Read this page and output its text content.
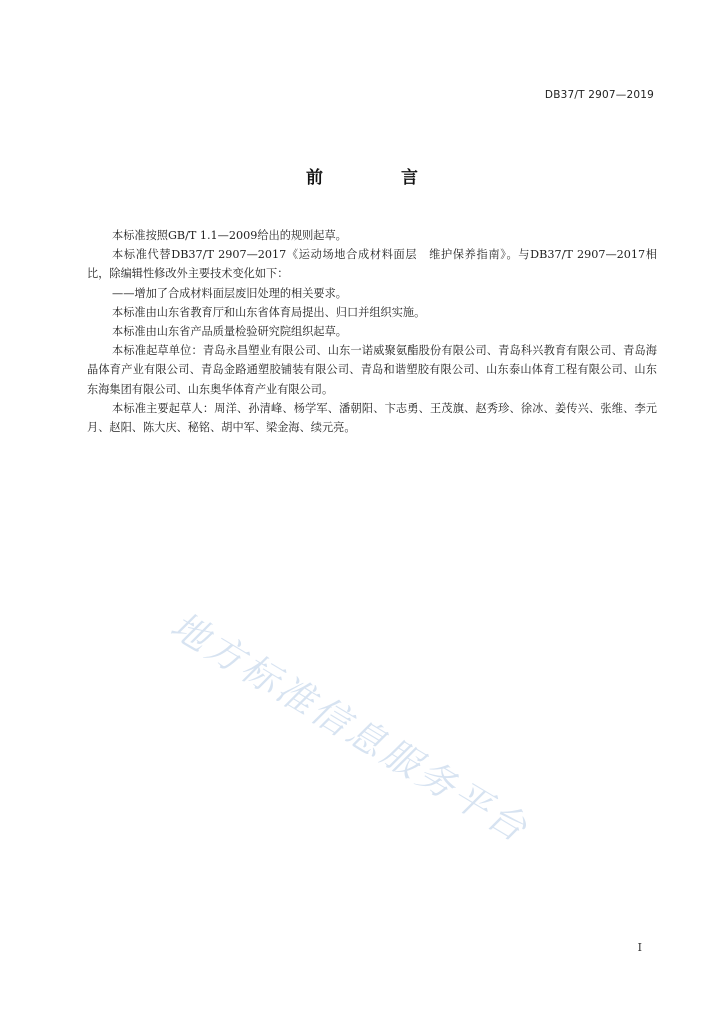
DB37/T 2907—2019
前 言

本标准按照GB/T 1.1—2009给出的规则起草。

本标准代替DB37/T 2907—2017《运动场地合成材料面层　维护保养指南》。与DB37/T 2907—2017相比，除编辑性修改外主要技术变化如下：

——增加了合成材料面层废旧处理的相关要求。

本标准由山东省教育厅和山东省体育局提出、归口并组织实施。

本标准由山东省产品质量检验研究院组织起草。

本标准起草单位：青岛永昌塑业有限公司、山东一诺威聚氨酯股份有限公司、青岛科兴教育有限公司、青岛海晶体育产业有限公司、青岛金路通塑胶铺装有限公司、青岛和谐塑胶有限公司、山东泰山体育工程有限公司、山东东海集团有限公司、山东奥华体育产业有限公司。

本标准主要起草人：周洋、孙清峰、杨学军、潘朝阳、卞志勇、王茂旗、赵秀珍、徐冰、姜传兴、张维、李元月、赵阳、陈大庆、秘铭、胡中军、梁金海、续元亮。

地方标准信息服务平台
I
